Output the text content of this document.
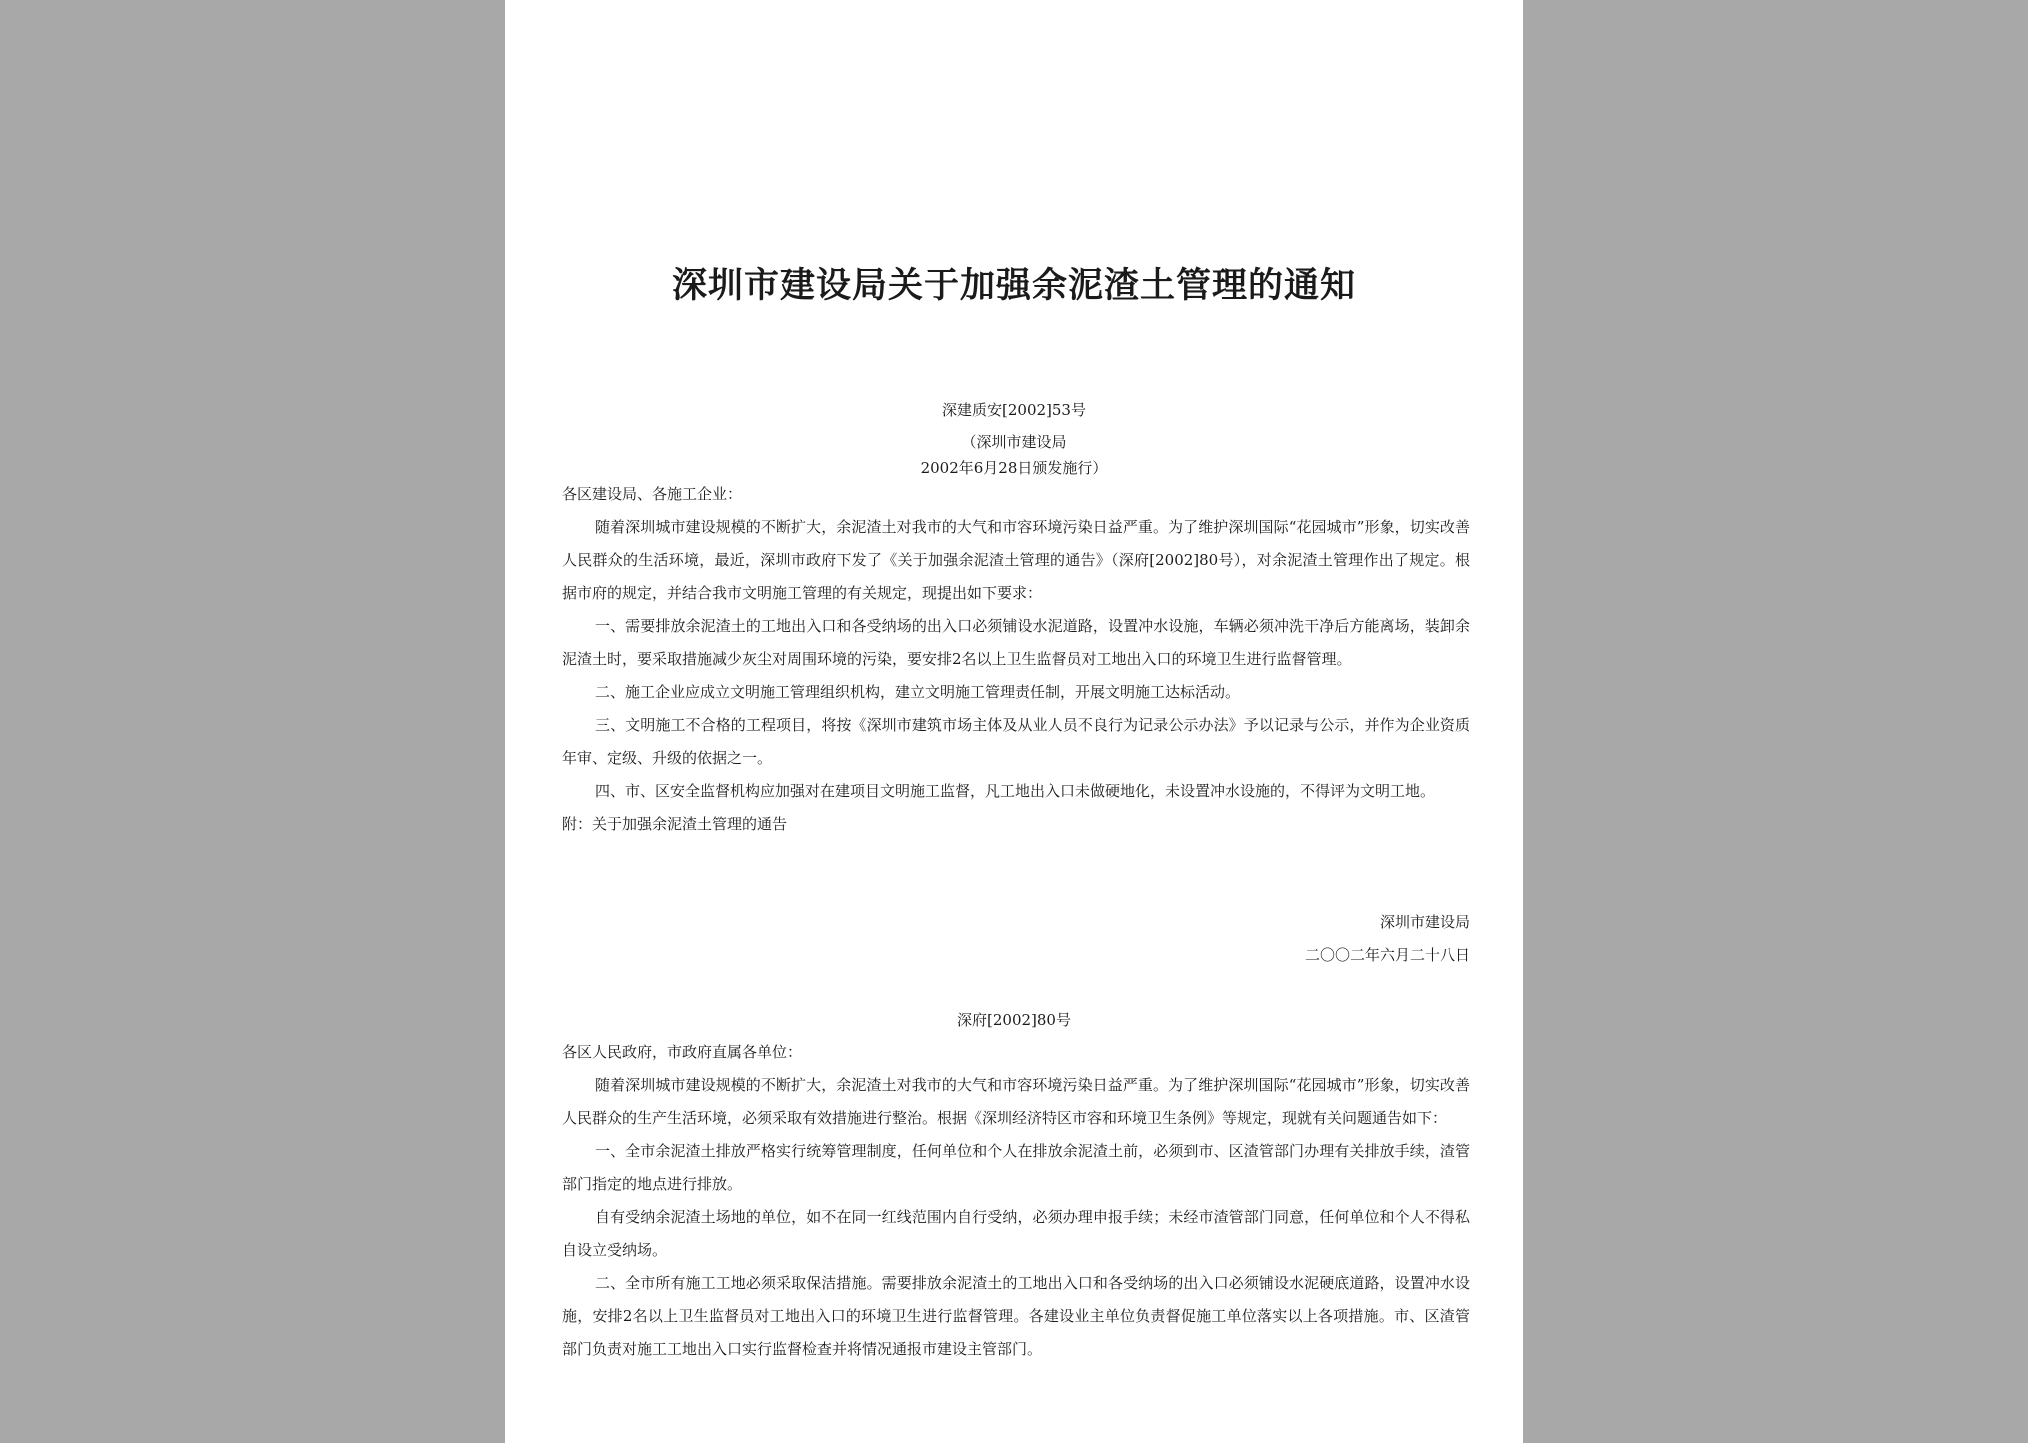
深圳市建设局关于加强余泥渣土管理的通知
深建质安[2002]53号
（深圳市建设局
2002年6月28日颁发施行）

各区建设局、各施工企业：

随着深圳城市建设规模的不断扩大，余泥渣土对我市的大气和市容环境污染日益严重。为了维护深圳国际“花园城市”形象，切实改善人民群众的生活环境，最近，深圳市政府下发了《关于加强余泥渣土管理的通告》（深府[2002]80号），对余泥渣土管理作出了规定。根据市府的规定，并结合我市文明施工管理的有关规定，现提出如下要求：

一、需要排放余泥渣土的工地出入口和各受纳场的出入口必须铺设水泥道路，设置冲水设施，车辆必须冲洗干净后方能离场，装卸余泥渣土时，要采取措施减少灰尘对周围环境的污染，要安排2名以上卫生监督员对工地出入口的环境卫生进行监督管理。

二、施工企业应成立文明施工管理组织机构，建立文明施工管理责任制，开展文明施工达标活动。

三、文明施工不合格的工程项目，将按《深圳市建筑市场主体及从业人员不良行为记录公示办法》予以记录与公示，并作为企业资质年审、定级、升级的依据之一。

四、市、区安全监督机构应加强对在建项目文明施工监督，凡工地出入口未做硬地化，未设置冲水设施的，不得评为文明工地。

附：关于加强余泥渣土管理的通告

深圳市建设局
二〇〇二年六月二十八日
深府[2002]80号

各区人民政府，市政府直属各单位：

随着深圳城市建设规模的不断扩大，余泥渣土对我市的大气和市容环境污染日益严重。为了维护深圳国际“花园城市”形象，切实改善人民群众的生产生活环境，必须采取有效措施进行整治。根据《深圳经济特区市容和环境卫生条例》等规定，现就有关问题通告如下：

一、全市余泥渣土排放严格实行统筹管理制度，任何单位和个人在排放余泥渣土前，必须到市、区渣管部门办理有关排放手续，渣管部门指定的地点进行排放。

自有受纳余泥渣土场地的单位，如不在同一红线范围内自行受纳，必须办理申报手续；未经市渣管部门同意，任何单位和个人不得私自设立受纳场。

二、全市所有施工工地必须采取保洁措施。需要排放余泥渣土的工地出入口和各受纳场的出入口必须铺设水泥硬底道路，设置冲水设施，安排2名以上卫生监督员对工地出入口的环境卫生进行监督管理。各建设业主单位负责督促施工单位落实以上各项措施。市、区渣管部门负责对施工工地出入口实行监督检查并将情况通报市建设主管部门。
